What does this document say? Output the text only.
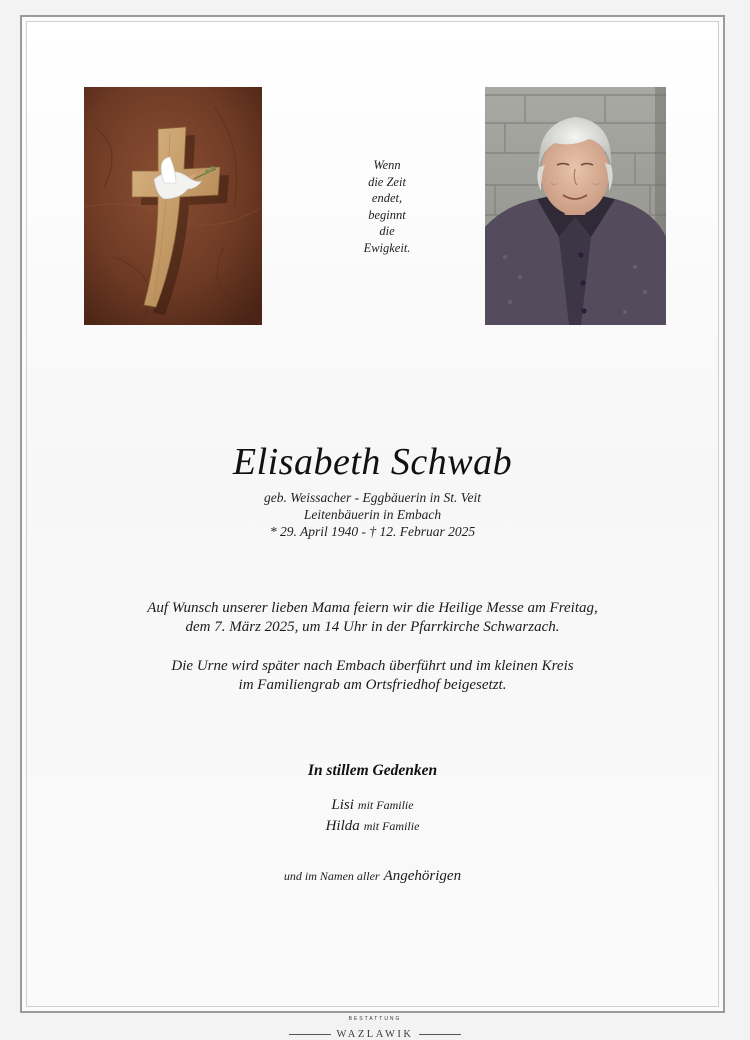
Wenn
die Zeit
endet,
beginnt
die
Ewigkeit.
Elisabeth Schwab
geb. Weissacher - Eggbäuerin in St. Veit
Leitenbäuerin in Embach
* 29. April 1940 - † 12. Februar 2025
Auf Wunsch unserer lieben Mama feiern wir die Heilige Messe am Freitag,
dem 7. März 2025, um 14 Uhr in der Pfarrkirche Schwarzach.
Die Urne wird später nach Embach überführt und im kleinen Kreis
im Familiengrab am Ortsfriedhof beigesetzt.
In stillem Gedenken
Lisi mit Familie
Hilda mit Familie
und im Namen aller Angehörigen
BESTATTUNG
WAZLAWIK
